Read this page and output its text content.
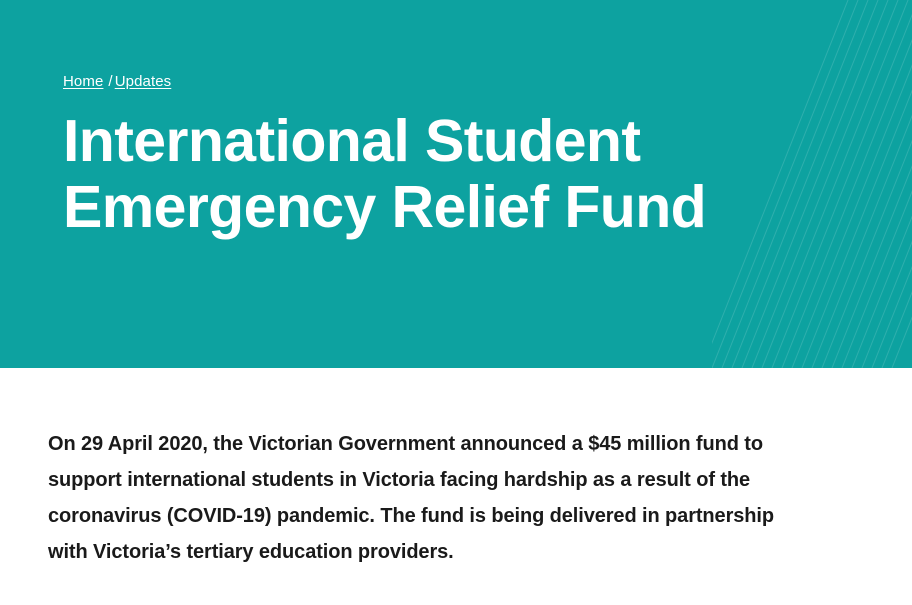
Home / Updates
International Student Emergency Relief Fund

On 29 April 2020, the Victorian Government announced a $45 million fund to support international students in Victoria facing hardship as a result of the coronavirus (COVID-19) pandemic. The fund is being delivered in partnership with Victoria’s tertiary education providers.
